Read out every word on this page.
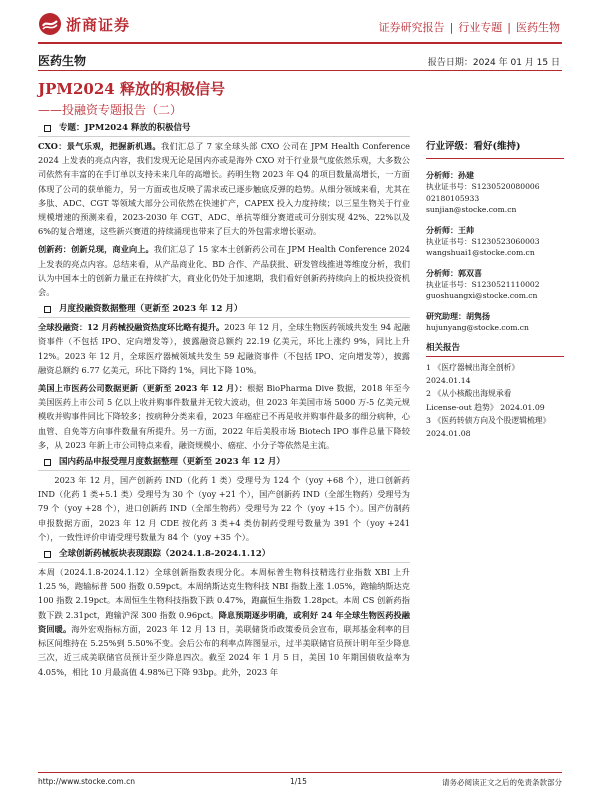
浙商证券	证券研究报告 | 行业专题 | 医药生物
医药生物	报告日期：2024 年 01 月 15 日
JPM2024 释放的积极信号
——投融资专题报告（二）
专题：JPM2024 释放的积极信号

CXO：景气乐观，把握新机遇。我们汇总了 7 家全球头部 CXO 公司在 JPM Health Conference 2024 上发表的亮点内容，我们发现无论是国内亦或是海外 CXO 对于行业景气度依然乐观，大多数公司依然有丰富的在手订单以支持未来几年的高增长。药明生物 2023 年 Q4 的项目数量高增长，一方面体现了公司的获单能力，另一方面或也反映了需求或已逐步触底反弹的趋势。从细分领域来看，尤其在多肽、ADC、CGT 等领域大部分公司依然在快速扩产，CAPEX 投入力度持续；以三星生物关于行业规模增速的预测来看，2023-2030 年 CGT、ADC、单抗等细分赛道或可分别实现 42%、22%以及 6%的复合增速，这些新兴赛道的持续涌现也带来了巨大的外包需求增长驱动。

创新药：创新兑现，商业向上。我们汇总了 15 家本土创新药公司在 JPM Health Conference 2024 上发表的亮点内容。总结来看，从产品商业化、BD 合作、产品获批、研发管线推进等维度分析，我们认为中国本土的创新力量正在持续扩大，商业化仍处于加速期，我们看好创新药持续向上的板块投资机会。

月度投融资数据整理（更新至 2023 年 12 月）

全球投融资：12 月药械投融资热度环比略有提升。2023 年 12 月，全球生物医药领域共发生 94 起融资事件（不包括 IPO、定向增发等），披露融资总额约 22.19 亿美元，环比上涨约 9%，同比上升 12%。2023 年 12 月，全球医疗器械领域共发生 59 起融资事件（不包括 IPO、定向增发等），披露融资总额约 6.77 亿美元，环比下降约 1%，同比下降 10%。

美国上市医药公司数据更新（更新至 2023 年 12 月）：根据 BioPharma Dive 数据，2018 年至今美国医药上市公司 5 亿以上收并购事件数量并无较大波动，但 2023 年美国市场 5000 万-5 亿美元规模收并购事件同比下降较多；按病种分类来看，2023 年癌症已不再是收并购事件最多的细分病种，心血管、自免等方向事件数量有所提升。另一方面，2022 年后美股市场 Biotech IPO 事件总量下降较多，从 2023 年新上市公司特点来看，融资规模小、癌症、小分子等依然是主流。

国内药品申报受理月度数据整理（更新至 2023 年 12 月）

2023 年 12 月，国产创新药 IND（化药 1 类）受理号为 124 个（yoy +68 个），进口创新药 IND（化药 1 类+5.1 类）受理号为 30 个（yoy +21 个），国产创新药 IND（全部生物药）受理号为 79 个（yoy +28 个），进口创新药 IND（全部生物药）受理号为 22 个（yoy +15 个）。国产仿制药申报数据方面，2023 年 12 月 CDE 按化药 3 类+4 类仿制药受理号数量为 391 个（yoy +241 个），一致性评价申请受理号数量为 84 个（yoy +35 个）。

全球创新药械板块表现跟踪（2024.1.8-2024.1.12）

本周（2024.1.8-2024.1.12）全球创新指数表现分化。本周标普生物科技精选行业指数 XBI 上升 1.25 %，跑输标普 500 指数 0.59pct。本周纳斯达克生物科技 NBI 指数上涨 1.05%，跑输纳斯达克 100 指数 2.19pct。本周恒生生物科技指数下跌 0.47%，跑赢恒生指数 1.28pct。本周 CS 创新药指数下跌 2.31pct，跑输沪深 300 指数 0.96pct。降息预期逐步明确，或利好 24 年全球生物医药投融资回暖。海外宏观指标方面，2023 年 12 月 13 日，美联储货币政策委员会宣布，联邦基金利率的目标区间维持在 5.25%到 5.50%不变。会后公布的利率点阵图显示，过半美联储官员预计明年至少降息三次，近三成美联储官员预计至少降息四次。截至 2024 年 1 月 5 日，美国 10 年期国债收益率为 4.05%，相比 10 月最高值 4.98%已下降 93bp。此外，2023 年

行业评级：看好(维持)
分析师：孙建
执业证书号：S1230520080006
02180105933
sunjian@stocke.com.cn
分析师：王帅
执业证书号：S1230523060003
wangshuai1@stocke.com.cn
分析师：郭双喜
执业证书号：S1230521110002
guoshuangxi@stocke.com.cn
研究助理：胡隽扬
hujunyang@stocke.com.cn
相关报告
1 《医疗器械出海全剖析》
2024.01.14
2 《从小核酸出海规承看
License-out 趋势》 2024.01.09
3 《医药转债方向及个股逻辑梳理》 2024.01.08
http://www.stocke.com.cn	1/15	请务必阅读正文之后的免责条款部分
